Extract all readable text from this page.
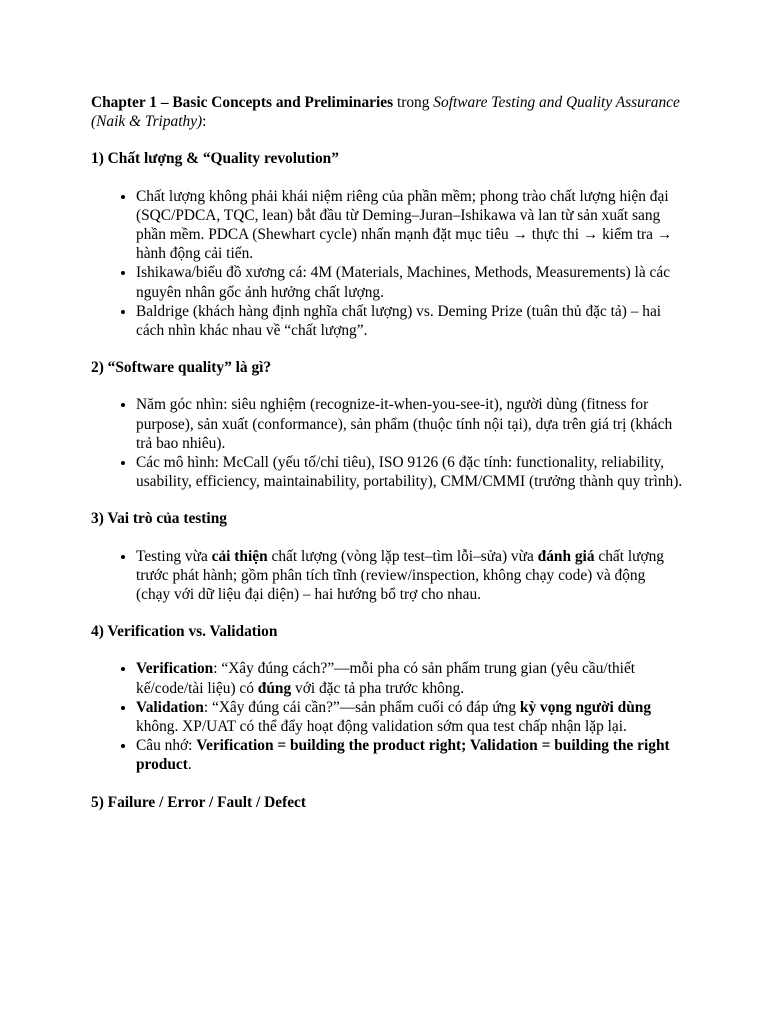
Chapter 1 – Basic Concepts and Preliminaries trong Software Testing and Quality Assurance (Naik & Tripathy):

1) Chất lượng & “Quality revolution”
• Chất lượng không phải khái niệm riêng của phần mềm; phong trào chất lượng hiện đại (SQC/PDCA, TQC, lean) bắt đầu từ Deming–Juran–Ishikawa và lan từ sản xuất sang phần mềm. PDCA (Shewhart cycle) nhấn mạnh đặt mục tiêu → thực thi → kiểm tra → hành động cải tiến.
• Ishikawa/biểu đồ xương cá: 4M (Materials, Machines, Methods, Measurements) là các nguyên nhân gốc ảnh hưởng chất lượng.
• Baldrige (khách hàng định nghĩa chất lượng) vs. Deming Prize (tuân thủ đặc tả) – hai cách nhìn khác nhau về “chất lượng”.
2) “Software quality” là gì?
• Năm góc nhìn: siêu nghiệm (recognize-it-when-you-see-it), người dùng (fitness for purpose), sản xuất (conformance), sản phẩm (thuộc tính nội tại), dựa trên giá trị (khách trả bao nhiêu).
• Các mô hình: McCall (yếu tố/chỉ tiêu), ISO 9126 (6 đặc tính: functionality, reliability, usability, efficiency, maintainability, portability), CMM/CMMI (trưởng thành quy trình).
3) Vai trò của testing
• Testing vừa cải thiện chất lượng (vòng lặp test–tìm lỗi–sửa) vừa đánh giá chất lượng trước phát hành; gồm phân tích tĩnh (review/inspection, không chạy code) và động (chạy với dữ liệu đại diện) – hai hướng bổ trợ cho nhau.
4) Verification vs. Validation
• Verification: “Xây đúng cách?”—mỗi pha có sản phẩm trung gian (yêu cầu/thiết kế/code/tài liệu) có đúng với đặc tả pha trước không.
• Validation: “Xây đúng cái cần?”—sản phẩm cuối có đáp ứng kỳ vọng người dùng không. XP/UAT có thể đẩy hoạt động validation sớm qua test chấp nhận lặp lại.
• Câu nhớ: Verification = building the product right; Validation = building the right product.
5) Failure / Error / Fault / Defect
